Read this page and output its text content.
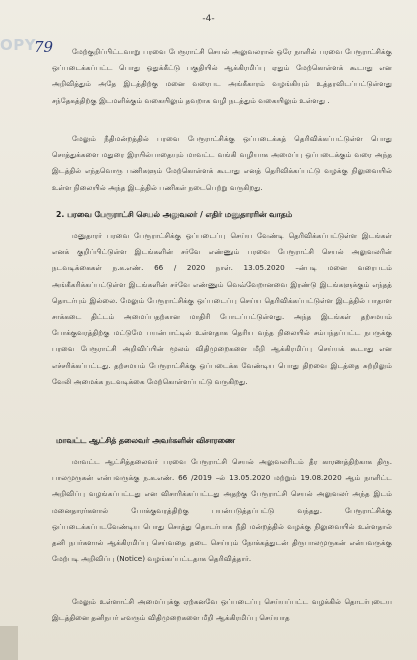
OPY
79
-4-

மேற்குறிப்பிட்டவாறு பரவை பேரூராட்சி செயல் அலுவலரால் ஒரே நாளில் பரவை பேரூராட்சிக்கு ஒப்படைக்கப்பட்ட பொது ஒதுக்கீட்டு பகுதியில் ஆக்கிரமிப்பு ஏதும் மேற்கொள்ளக் கூடாது என அறிவித்தும் அதே இடத்திற்கு மனை வரைபட அங்கீகாரம் வழங்கியும் உத்தரவிடப்பட்டுள்ளது சந்தேகத்திற்கு இடமளிக்கும் வகையிலும் தவறாக வழி நடத்தும் வகையிலும் உள்ளது .

மேலும் நீதிமன்றத்தில் பரவை பேரூராட்சிக்கு ஒப்படைக்கத் தெரிவிக்கப்பட்டுள்ள பொது சொத்துக்களை மதுரை இரயில்பாதையும் மாவட்ட வங்கி வழியாக அமைப்பு ஒப்படைக்கும் வரை அந்த இடத்தில் எந்தவொரு பணிகளும் மேற்கொள்ளக் கூடாது எனத் தெரிவிக்கப்பட்டு வழக்கு நிலுவையில் உள்ள நிலையில் அந்த இடத்தில் பணிகள் நடைபெற்று வருகிறது.

2. பரவை பேரூராட்சி செயல் அலுவலர் / எதிர் மனுதாரரின் வாதம்

மனுதாரர் பரவை பேரூராட்சிக்கு ஒப்படைப்பு செய்ய வேண்டி தெரிவிக்கப்பட்டுள்ள இடங்கள் எனக் குறிப்பிட்டுள்ள இடங்களின் சர்வே எண்ணும் பரவை பேரூராட்சி செயல் அலுவலரின் நடவடிக்கைகள் ந.க.எண். 66 / 2020 நாள். 13.05.2020 –ன்படி மனை வரைபடம் அங்கீகரிக்கப்பட்டுள்ள இடங்களின் சர்வே எண்ணும் வெவ்வேறானவை இரண்டு இடங்களுக்கும் எந்தத் தொடர்பும் இல்லை. மேலும் பேரூராட்சிக்கு ஒப்படைப்பு செய்ய தெரிவிக்கப்பட்டுள்ள இடத்தில் பாதாள சாக்கடை திட்டம் அமைப்பதற்கான மாதிரி போடப்பட்டுள்ளது. அந்த இடங்கள் தற்சமயம் போக்குவரத்திற்கு மட்டுமே பயன்பாட்டில் உள்ளதாக தெரிய வந்த நிலையில் சம்பந்தப்பட்ட நபருக்கு பரவை பேரூராட்சி அறிவிப்பின் மூலம் விதிமுறைகளை மீறி ஆக்கிரமிப்பு செய்யக் கூடாது என எச்சரிக்கப்பட்டது. தற்சமயம் பேரூராட்சிக்கு ஒப்படைக்க வேண்டிய பொது திறவை இடத்தை சுற்றிலும் வேலி அமைக்க நடவடிக்கை மேற்கொள்ளப்பட்டு வருகிறது.

மாவட்ட ஆட்சித் தலைவர் அவர்களின் விசாரணை

மாவட்ட ஆட்சித்தலைவர் பரவை பேரூராட்சி செயல் அலுவலரிடம் தீர காரணத்திற்காக திரு. பாலமுருகன் என்பவருக்கு ந.க.எண். 66 /2019 –ல் 13.05.2020 மற்றும் 19.08.2020 ஆம் நாளிட்ட அறிவிப்பு வழங்கப்பட்டது என விசாரிக்கப்பட்டது அதற்கு பேரூராட்சி செயல் அலுவலர் அந்த இடம் மனைதாரர்களால் போக்குவரத்திற்கு பயன்படுத்தப்பட்டு வந்தது. பேரூராட்சிக்கு ஒப்படைக்கப்படவேண்டிய பொது சொத்து தொடர்பாக நீதி மன்றத்தில் வழக்கு நிலுவையில் உள்ளதால் தனி நபர்களால் ஆக்கிரமிப்பு செய்வதை தடை செய்யும் நோக்கத்துடன் திருபாலமுருகன் என்பவருக்கு மேற்படி அறிவிப்பு (Notice) வழங்கப்பட்டதாக தெரிவித்தார்.

மேலும் உள்ளாட்சி அமைப்புக்கு ஏற்கனவே ஒப்படைப்பு செய்யப்பட்ட வழக்கில் தொடர்புடைய இடத்தினை தனிநபர் எவரும் விதிமுறைகளை மீறி ஆக்கிரமிப்பு செய்யாத
